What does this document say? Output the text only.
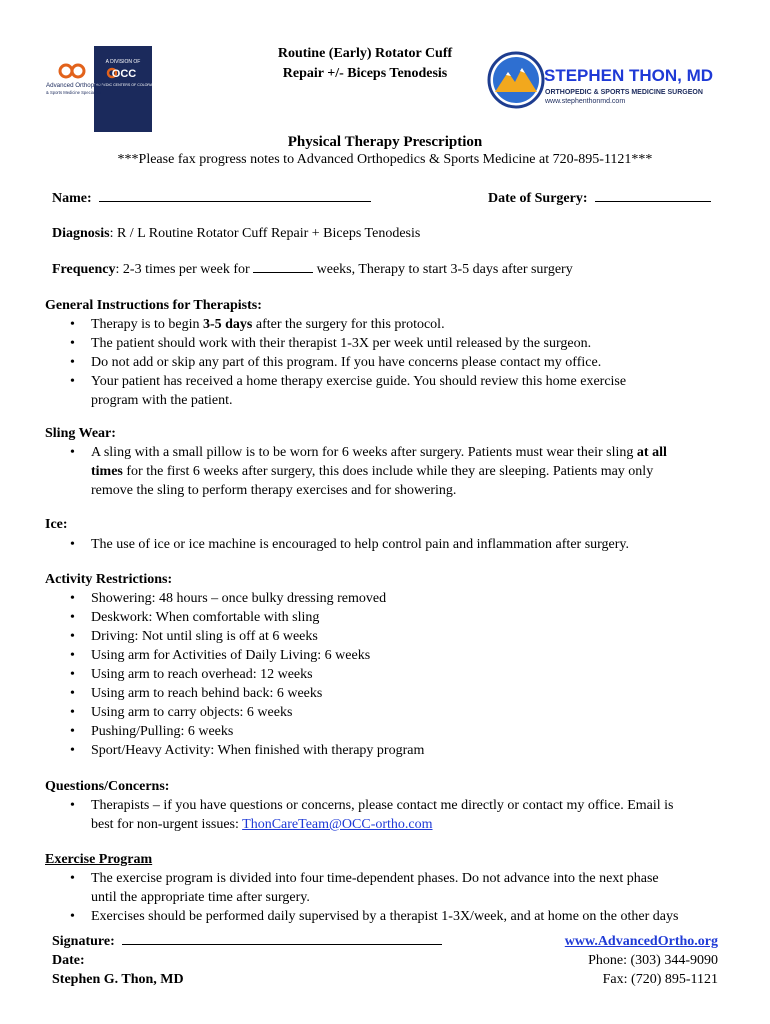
A DIVISION OF
OCC
ORTHOPEDIC CENTERS OF COLORADO
Advanced Orthopedic
& Sports Medicine Specialists
Routine (Early) Rotator Cuff
Repair +/- Biceps Tenodesis	STEPHEN THON, MD
ORTHOPEDIC & SPORTS MEDICINE SURGEON
www.stephenthonmd.com
Physical Therapy Prescription
***Please fax progress notes to Advanced Orthopedics & Sports Medicine at 720-895-1121***
Name:	Date of Surgery:
Diagnosis: R / L Routine Rotator Cuff Repair + Biceps Tenodesis
Frequency: 2-3 times per week for	weeks, Therapy to start 3-5 days after surgery
General Instructions for Therapists:
• Therapy is to begin 3-5 days after the surgery for this protocol.
• The patient should work with their therapist 1-3X per week until released by the surgeon.
• Do not add or skip any part of this program. If you have concerns please contact my office.
• Your patient has received a home therapy exercise guide. You should review this home exercise
program with the patient.
Sling Wear:
• A sling with a small pillow is to be worn for 6 weeks after surgery. Patients must wear their sling at all
times for the first 6 weeks after surgery, this does include while they are sleeping. Patients may only
remove the sling to perform therapy exercises and for showering.
Ice:
• The use of ice or ice machine is encouraged to help control pain and inflammation after surgery.
Activity Restrictions:
• Showering: 48 hours – once bulky dressing removed
• Deskwork: When comfortable with sling
• Driving: Not until sling is off at 6 weeks
• Using arm for Activities of Daily Living: 6 weeks
• Using arm to reach overhead: 12 weeks
• Using arm to reach behind back: 6 weeks
• Using arm to carry objects: 6 weeks
• Pushing/Pulling: 6 weeks
• Sport/Heavy Activity: When finished with therapy program
Questions/Concerns:
• Therapists – if you have questions or concerns, please contact me directly or contact my office. Email is
best for non-urgent issues: ThonCareTeam@OCC-ortho.com
Exercise Program
• The exercise program is divided into four time-dependent phases. Do not advance into the next phase
until the appropriate time after surgery.
• Exercises should be performed daily supervised by a therapist 1-3X/week, and at home on the other days
Signature:
Date:
Stephen G. Thon, MD
www.AdvancedOrtho.org
Phone: (303) 344-9090
Fax: (720) 895-1121
